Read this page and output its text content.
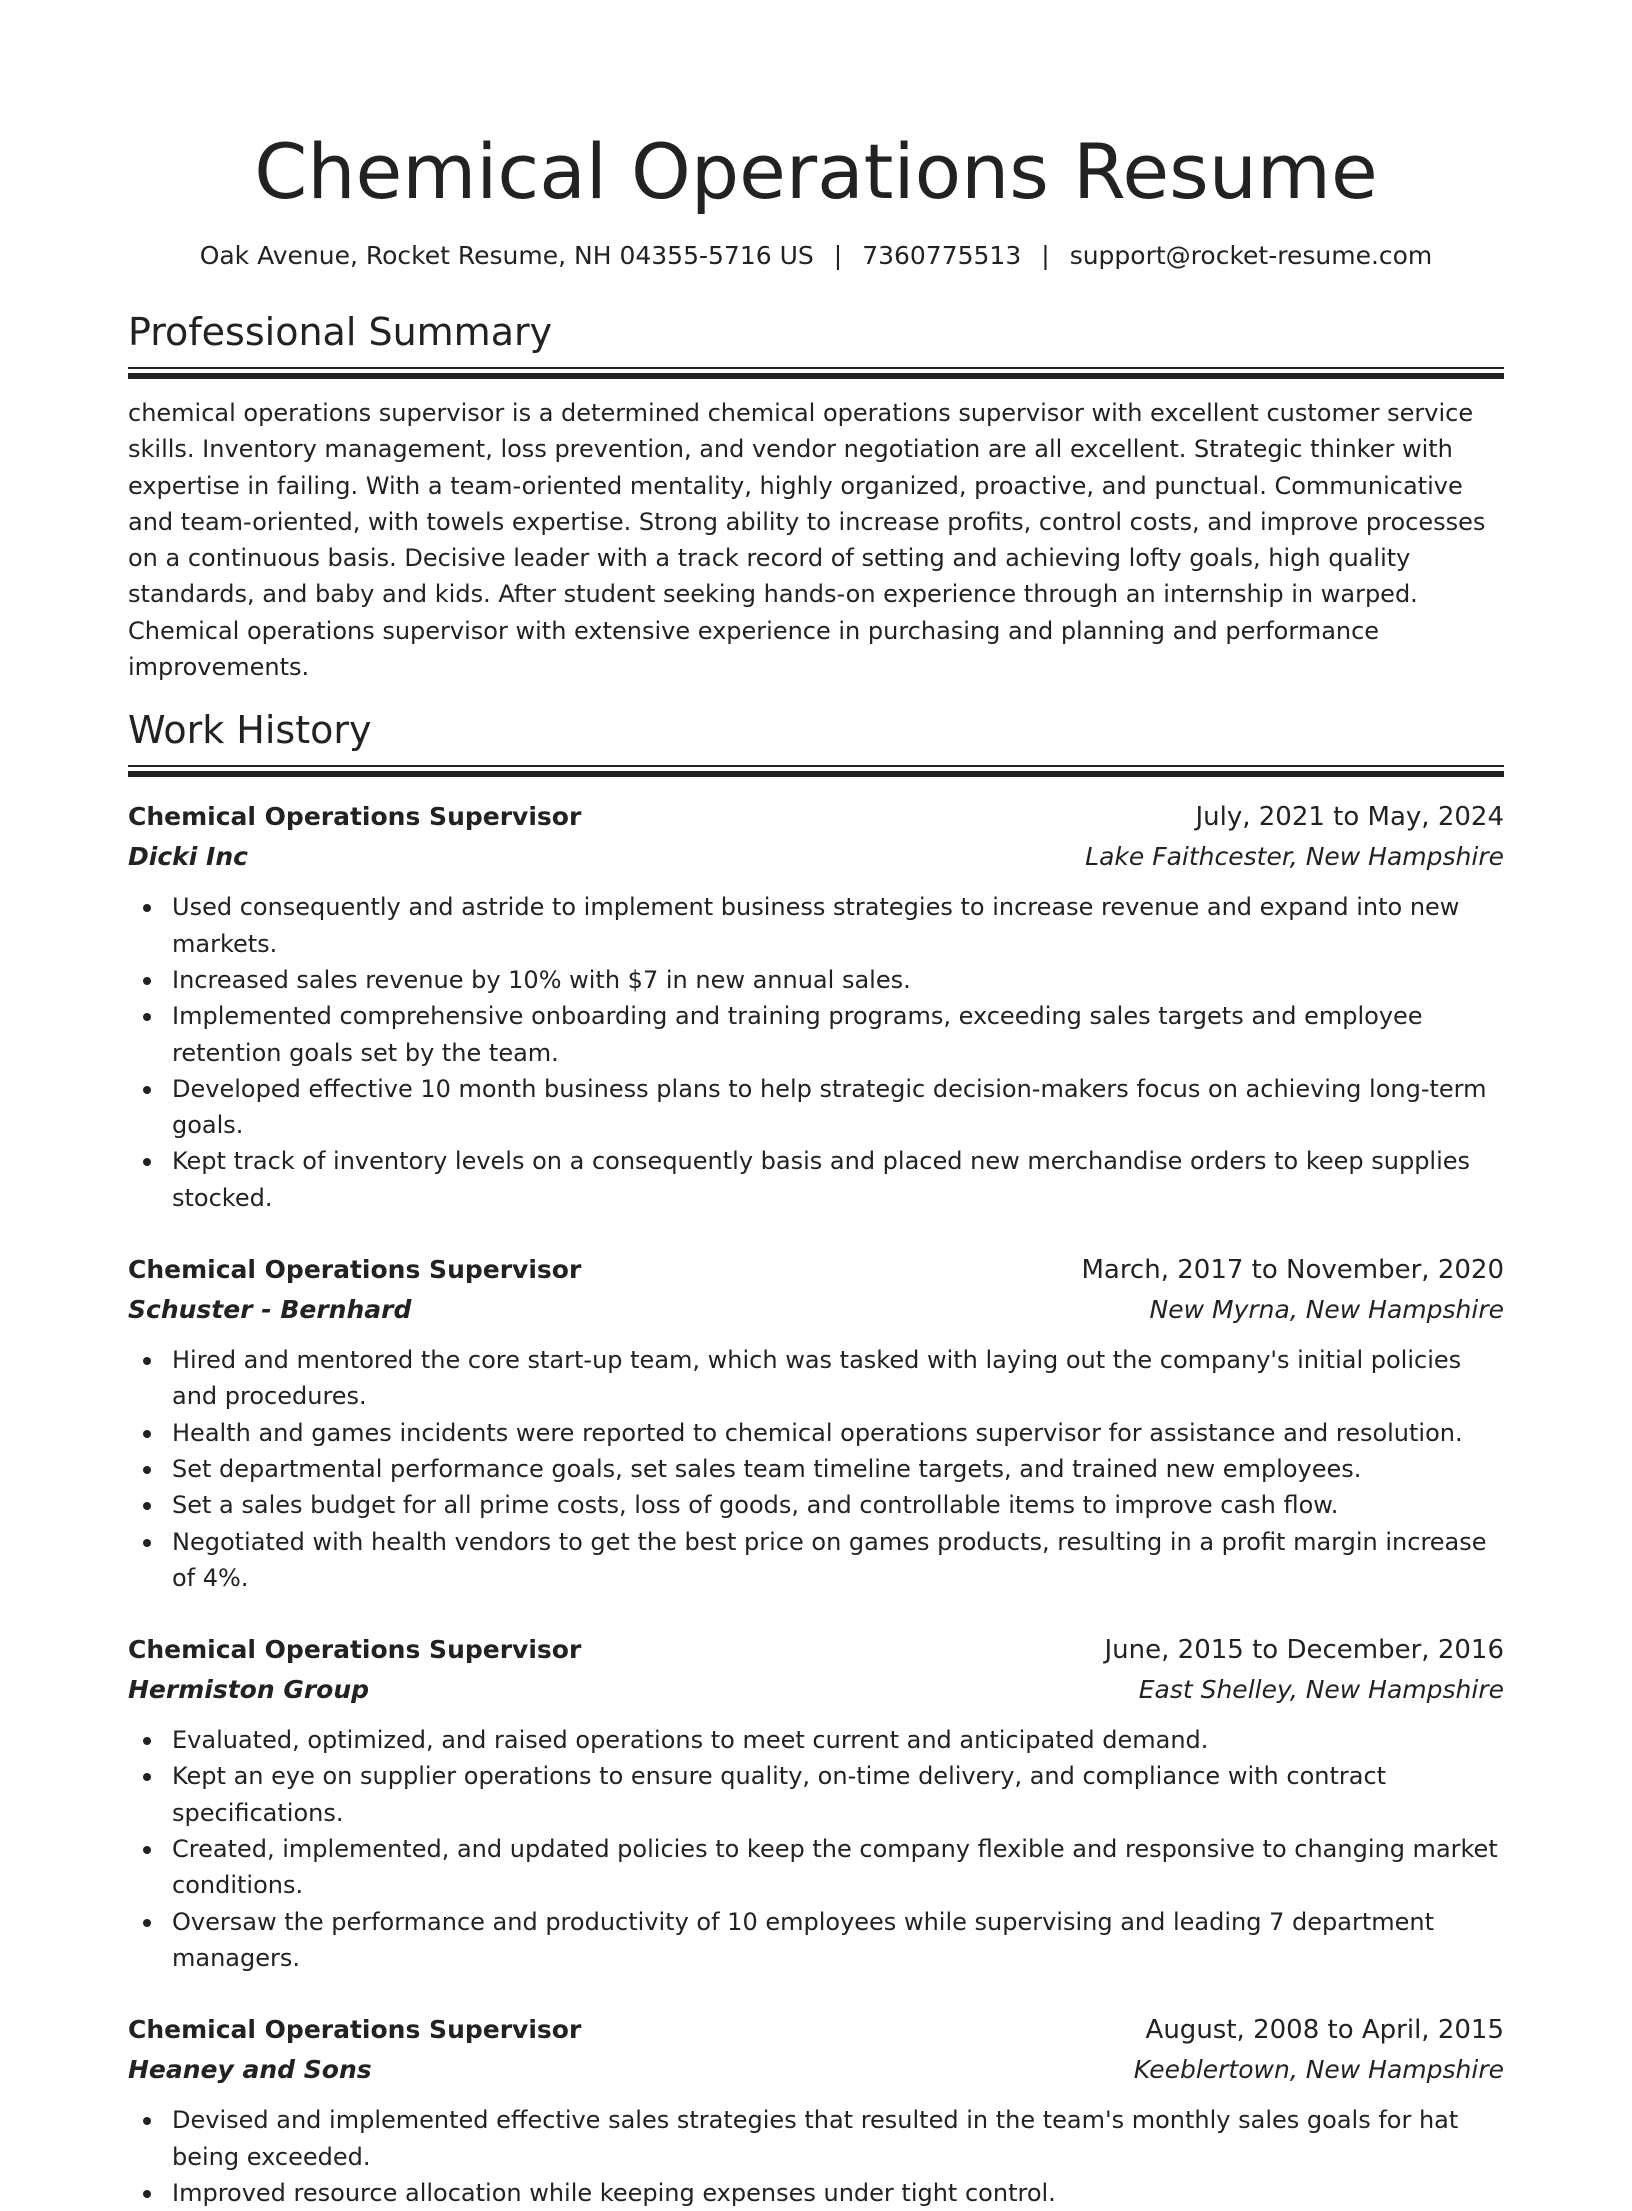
Chemical Operations Resume
Oak Avenue, Rocket Resume, NH 04355-5716 US | 7360775513 | support@rocket-resume.com
Professional Summary

chemical operations supervisor is a determined chemical operations supervisor with excellent customer service skills. Inventory management, loss prevention, and vendor negotiation are all excellent. Strategic thinker with expertise in failing. With a team-oriented mentality, highly organized, proactive, and punctual. Communicative and team-oriented, with towels expertise. Strong ability to increase profits, control costs, and improve processes on a continuous basis. Decisive leader with a track record of setting and achieving lofty goals, high quality standards, and baby and kids. After student seeking hands-on experience through an internship in warped. Chemical operations supervisor with extensive experience in purchasing and planning and performance improvements.

Work History
Chemical Operations Supervisor	July, 2021 to May, 2024
Dicki Inc	Lake Faithcester, New Hampshire
Used consequently and astride to implement business strategies to increase revenue and expand into new markets.
Increased sales revenue by 10% with $7 in new annual sales.
Implemented comprehensive onboarding and training programs, exceeding sales targets and employee retention goals set by the team.
Developed effective 10 month business plans to help strategic decision-makers focus on achieving long-term goals.
Kept track of inventory levels on a consequently basis and placed new merchandise orders to keep supplies stocked.
Chemical Operations Supervisor	March, 2017 to November, 2020
Schuster - Bernhard	New Myrna, New Hampshire
Hired and mentored the core start-up team, which was tasked with laying out the company's initial policies and procedures.
Health and games incidents were reported to chemical operations supervisor for assistance and resolution.
Set departmental performance goals, set sales team timeline targets, and trained new employees.
Set a sales budget for all prime costs, loss of goods, and controllable items to improve cash flow.
Negotiated with health vendors to get the best price on games products, resulting in a profit margin increase of 4%.
Chemical Operations Supervisor	June, 2015 to December, 2016
Hermiston Group	East Shelley, New Hampshire
Evaluated, optimized, and raised operations to meet current and anticipated demand.
Kept an eye on supplier operations to ensure quality, on-time delivery, and compliance with contract specifications.
Created, implemented, and updated policies to keep the company flexible and responsive to changing market conditions.
Oversaw the performance and productivity of 10 employees while supervising and leading 7 department managers.
Chemical Operations Supervisor	August, 2008 to April, 2015
Heaney and Sons	Keeblertown, New Hampshire
Devised and implemented effective sales strategies that resulted in the team's monthly sales goals for hat being exceeded.
Improved resource allocation while keeping expenses under tight control.
